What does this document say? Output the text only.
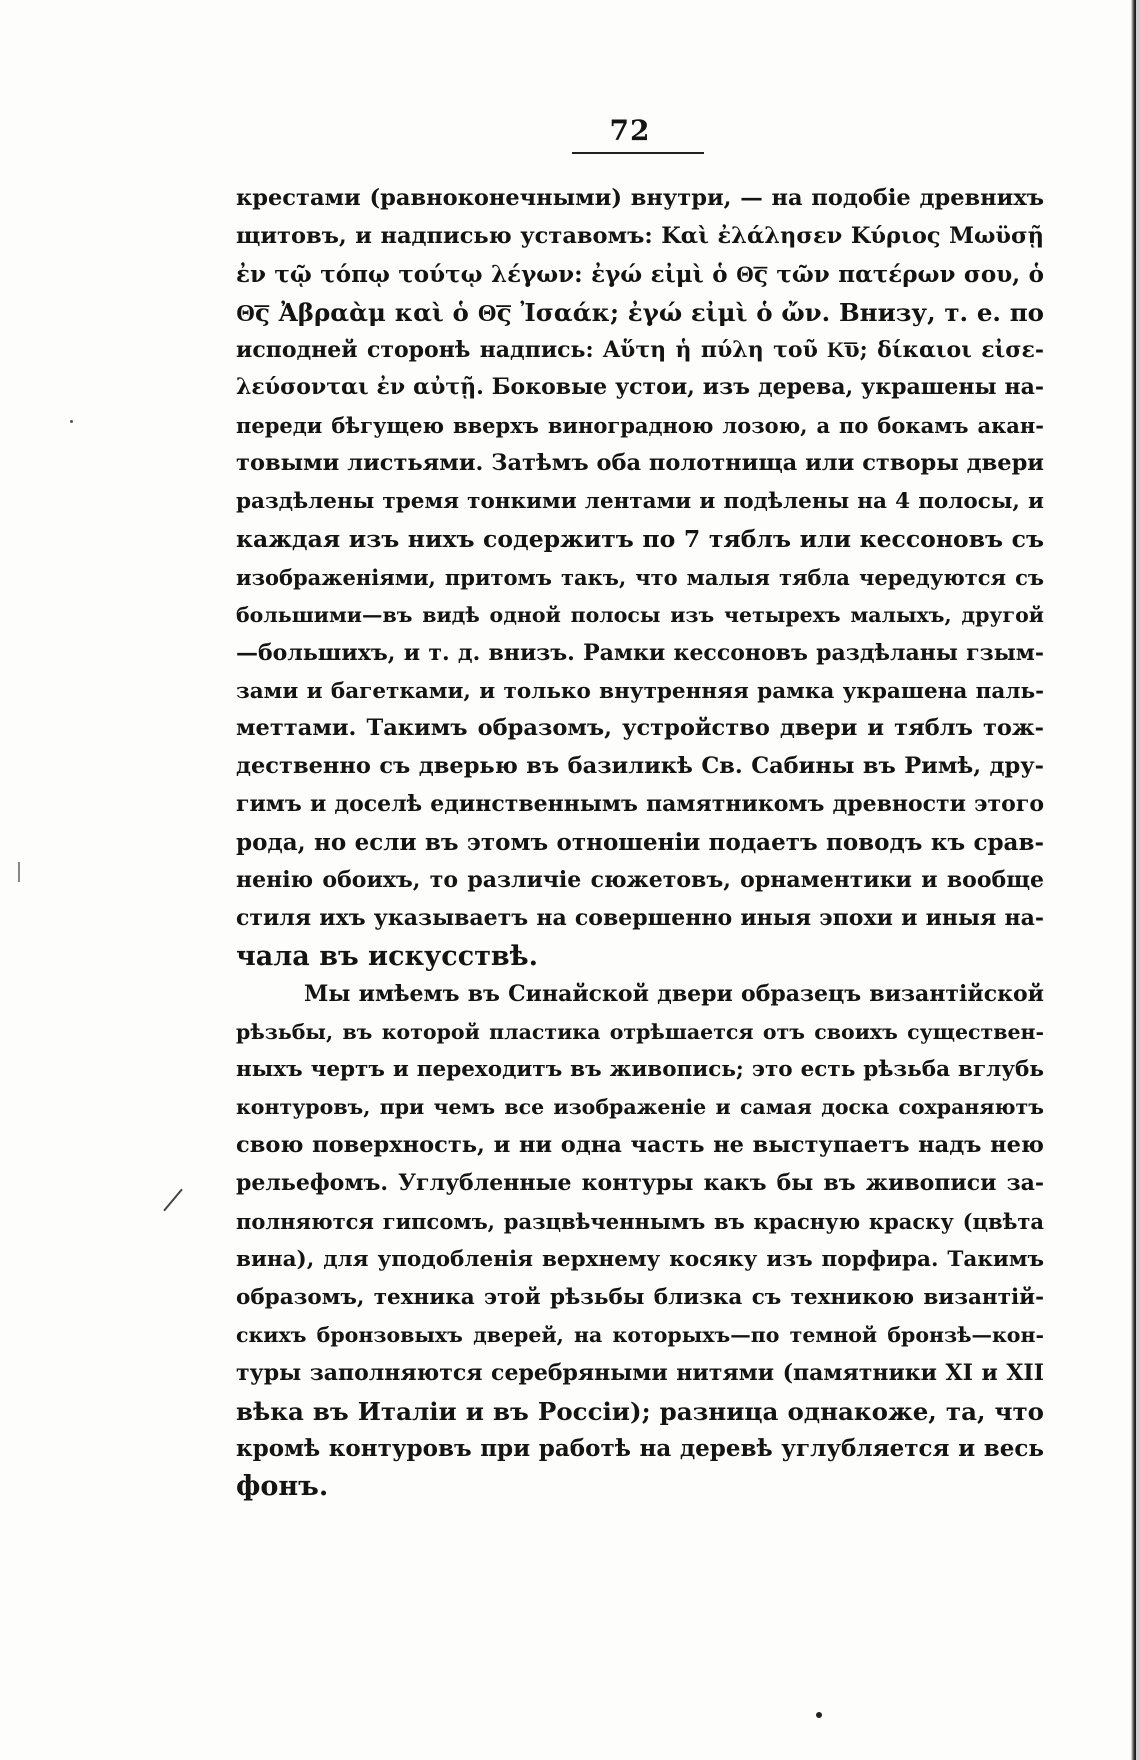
72
крестами (равноконечными) внутри, — на подобіе древнихъ
щитовъ, и надписью уставомъ: Καὶ ἐλάλησεν Κύριος Μωϋσῇ
ἐν τῷ τόπῳ τούτῳ λέγων: ἐγώ εἰμὶ ὁ Θ͞ς τῶν πατέρων σου, ὁ
Θ͞ς Ἀβραὰμ καὶ ὁ Θ͞ς Ἰσαάκ; ἐγώ εἰμὶ ὁ ὤν. Внизу, т. е. по
исподней сторонѣ надпись: Αὕτη ἡ πύλη τοῦ Κ͞υ; δίκαιοι εἰσε-
λεύσονται ἐν αὐτῇ. Боковые устои, изъ дерева, украшены на-
переди бѣгущею вверхъ виноградною лозою, а по бокамъ акан-
товыми листьями. Затѣмъ оба полотнища или створы двери
раздѣлены тремя тонкими лентами и подѣлены на 4 полосы, и
каждая изъ нихъ содержитъ по 7 тяблъ или кессоновъ съ
изображеніями, притомъ такъ, что малыя тябла чередуются съ
большими—въ видѣ одной полосы изъ четырехъ малыхъ, другой
—большихъ, и т. д. внизъ. Рамки кессоновъ раздѣланы гзым-
зами и багетками, и только внутренняя рамка украшена паль-
меттами. Такимъ образомъ, устройство двери и тяблъ тож-
дественно съ дверью въ базиликѣ Св. Сабины въ Римѣ, дру-
гимъ и доселѣ единственнымъ памятникомъ древности этого
рода, но если въ этомъ отношеніи подаетъ поводъ къ срав-
ненію обоихъ, то различіе сюжетовъ, орнаментики и вообще
стиля ихъ указываетъ на совершенно иныя эпохи и иныя на-
чала въ искусствѣ.
Мы имѣемъ въ Синайской двери образецъ византійской
рѣзьбы, въ которой пластика отрѣшается отъ своихъ существен-
ныхъ чертъ и переходитъ въ живопись; это есть рѣзьба вглубь
контуровъ, при чемъ все изображеніе и самая доска сохраняютъ
свою поверхность, и ни одна часть не выступаетъ надъ нею
рельефомъ. Углубленные контуры какъ бы въ живописи за-
полняются гипсомъ, разцвѣченнымъ въ красную краску (цвѣта
вина), для уподобленія верхнему косяку изъ порфира. Такимъ
образомъ, техника этой рѣзьбы близка съ техникою византій-
скихъ бронзовыхъ дверей, на которыхъ—по темной бронзѣ—кон-
туры заполняются серебряными нитями (памятники XI и XII
вѣка въ Италіи и въ Россіи); разница однакоже, та, что
кромѣ контуровъ при работѣ на деревѣ углубляется и весь
фонъ.
